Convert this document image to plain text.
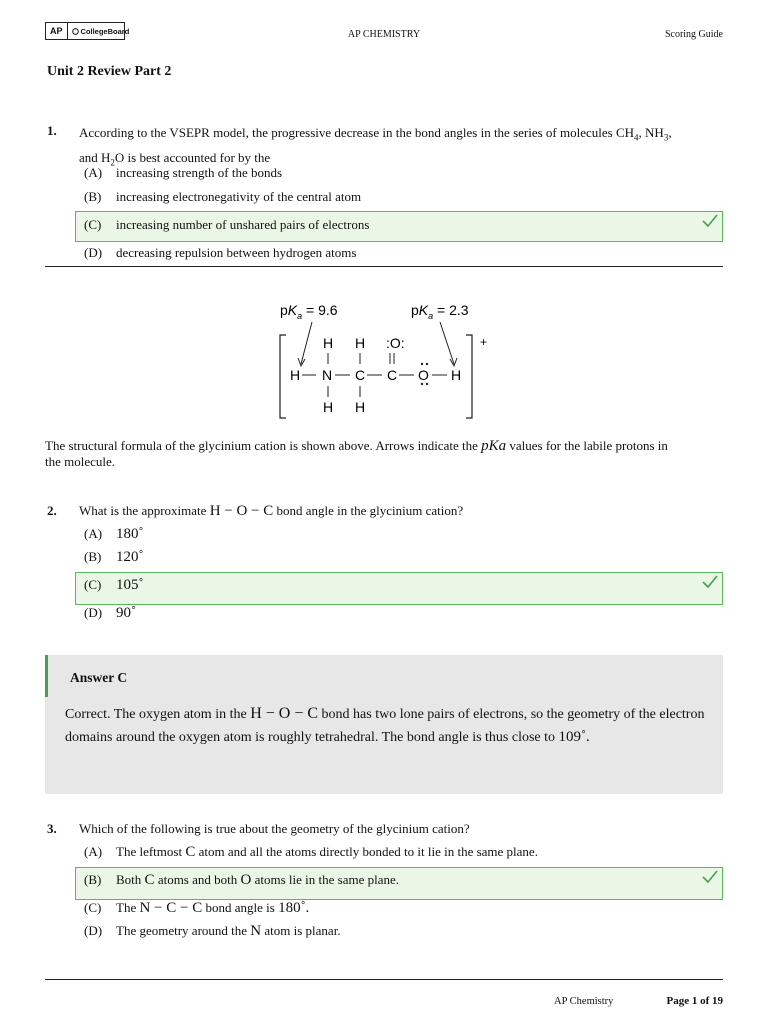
AP	CollegeBoard	AP CHEMISTRY	Scoring Guide
Unit 2 Review Part 2
1. According to the VSEPR model, the progressive decrease in the bond angles in the series of molecules $CH_4$, $NH_3$,
and $H_2O$ is best accounted for by the
(A) increasing strength of the bonds
(B) increasing electronegativity of the central atom
(C) increasing number of unshared pairs of electrons
(D) decreasing repulsion between hydrogen atoms
$pK_a = 9.6$	$pK_a = 2.3$
+
H H :O:
H N C C O H
H H
The structural formula of the glycinium cation is shown above. Arrows indicate the pKa values for the labile protons in
the molecule.
2. What is the approximate H − O − C bond angle in the glycinium cation?
(A) 180˚
(B) 120˚
(C) 105˚
(D) 90˚
Answer C
Correct. The oxygen atom in the H − O − C bond has two lone pairs of electrons, so the geometry of the electron domains around the oxygen atom is roughly tetrahedral. The bond angle is thus close to 109˚.
3. Which of the following is true about the geometry of the glycinium cation?
(A) The leftmost C atom and all the atoms directly bonded to it lie in the same plane.
(B) Both C atoms and both O atoms lie in the same plane.
(C) The N − C − C bond angle is 180˚.
(D) The geometry around the N atom is planar.
AP Chemistry	Page 1 of 19
